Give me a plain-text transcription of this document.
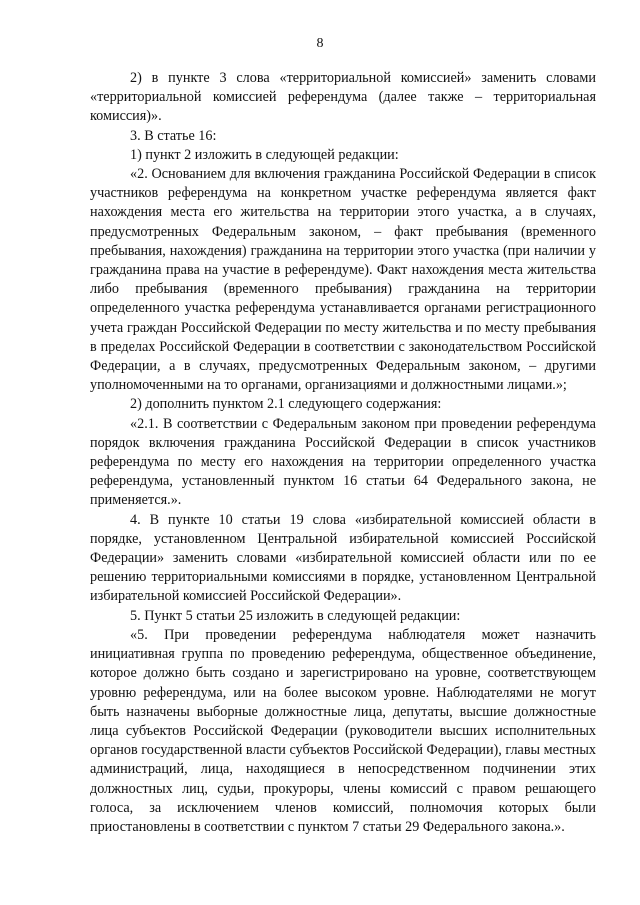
8

2) в пункте 3 слова «территориальной комиссией» заменить словами «территориальной комиссией референдума (далее также – территориальная комиссия)».

3. В статье 16:

1) пункт 2 изложить в следующей редакции:

«2. Основанием для включения гражданина Российской Федерации в список участников референдума на конкретном участке референдума является факт нахождения места его жительства на территории этого участка, а в случаях, предусмотренных Федеральным законом, – факт пребывания (временного пребывания, нахождения) гражданина на территории этого участка (при наличии у гражданина права на участие в референдуме). Факт нахождения места жительства либо пребывания (временного пребывания) гражданина на территории определенного участка референдума устанавливается органами регистрационного учета граждан Российской Федерации по месту жительства и по месту пребывания в пределах Российской Федерации в соответствии с законодательством Российской Федерации, а в случаях, предусмотренных Федеральным законом, – другими уполномоченными на то органами, организациями и должностными лицами.»;

2) дополнить пунктом 2.1 следующего содержания:

«2.1. В соответствии с Федеральным законом при проведении референдума порядок включения гражданина Российской Федерации в список участников референдума по месту его нахождения на территории определенного участка референдума, установленный пунктом 16 статьи 64 Федерального закона, не применяется.».

4. В пункте 10 статьи 19 слова «избирательной комиссией области в порядке, установленном Центральной избирательной комиссией Российской Федерации» заменить словами «избирательной комиссией области или по ее решению территориальными комиссиями в порядке, установленном Центральной избирательной комиссией Российской Федерации».

5. Пункт 5 статьи 25 изложить в следующей редакции:

«5. При проведении референдума наблюдателя может назначить инициативная группа по проведению референдума, общественное объединение, которое должно быть создано и зарегистрировано на уровне, соответствующем уровню референдума, или на более высоком уровне. Наблюдателями не могут быть назначены выборные должностные лица, депутаты, высшие должностные лица субъектов Российской Федерации (руководители высших исполнительных органов государственной власти субъектов Российской Федерации), главы местных администраций, лица, находящиеся в непосредственном подчинении этих должностных лиц, судьи, прокуроры, члены комиссий с правом решающего голоса, за исключением членов комиссий, полномочия которых были приостановлены в соответствии с пунктом 7 статьи 29 Федерального закона.».
